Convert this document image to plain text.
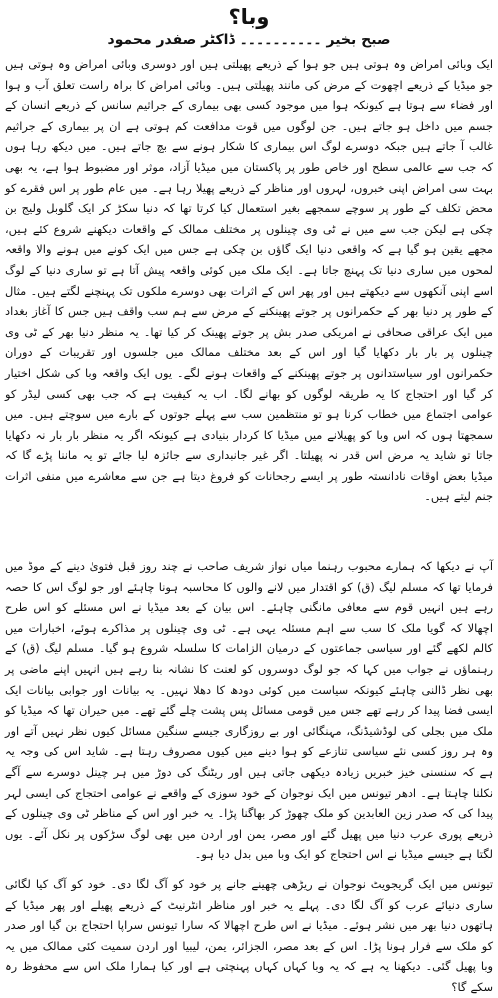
وبا؟
صبح بخیر ۔۔۔۔۔۔۔۔۔۔ ڈاکٹر صفدر محمود

ایک وبائی امراض وہ ہوتی ہیں جو ہوا کے ذریعے پھیلتی ہیں اور دوسری وبائی امراض وہ ہوتی ہیں جو میڈیا کے ذریعے اچھوت کے مرض کی مانند پھیلتی ہیں۔ وبائی امراض کا براہ راست تعلق آب و ہوا اور فضاء سے ہوتا ہے کیونکہ ہوا میں موجود کسی بھی بیماری کے جراثیم سانس کے ذریعے انسان کے جسم میں داخل ہو جاتے ہیں۔ جن لوگوں میں قوت مدافعت کم ہوتی ہے ان پر بیماری کے جراثیم غالب آ جاتے ہیں جبکہ دوسرے لوگ اس بیماری کا شکار ہونے سے بچ جاتے ہیں۔ میں دیکھ رہا ہوں کہ جب سے عالمی سطح اور خاص طور پر پاکستان میں میڈیا آزاد، موثر اور مضبوط ہوا ہے، یہ بھی بہت سی امراض اپنی خبروں، لہروں اور مناظر کے ذریعے پھیلا رہا ہے۔ میں عام طور پر اس فقرے کو محض تکلف کے طور پر سوچے سمجھے بغیر استعمال کیا کرتا تھا کہ دنیا سکڑ کر ایک گلوبل ولیج بن چکی ہے لیکن جب سے میں نے ٹی وی چینلوں پر مختلف ممالک کے واقعات دیکھنے شروع کئے ہیں، مجھے یقین ہو گیا ہے کہ واقعی دنیا ایک گاؤں بن چکی ہے جس میں ایک کونے میں ہونے والا واقعہ لمحوں میں ساری دنیا تک پہنچ جاتا ہے۔ ایک ملک میں کوئی واقعہ پیش آتا ہے تو ساری دنیا کے لوگ اسے اپنی آنکھوں سے دیکھتے ہیں اور پھر اس کے اثرات بھی دوسرے ملکوں تک پہنچنے لگتے ہیں۔ مثال کے طور پر دنیا بھر کے حکمرانوں پر جوتے پھینکنے کے مرض سے ہم سب واقف ہیں جس کا آغاز بغداد میں ایک عراقی صحافی نے امریکی صدر بش پر جوتے پھینک کر کیا تھا۔ یہ منظر دنیا بھر کے ٹی وی چینلوں پر بار بار دکھایا گیا اور اس کے بعد مختلف ممالک میں جلسوں اور تقریبات کے دوران حکمرانوں اور سیاستدانوں پر جوتے پھینکنے کے واقعات ہونے لگے۔ یوں ایک واقعہ وبا کی شکل اختیار کر گیا اور احتجاج کا یہ طریقہ لوگوں کو بھانے لگا۔ اب یہ کیفیت ہے کہ جب بھی کسی لیڈر کو عوامی اجتماع میں خطاب کرنا ہو تو منتظمین سب سے پہلے جوتوں کے بارے میں سوچتے ہیں۔ میں سمجھتا ہوں کہ اس وبا کو پھیلانے میں میڈیا کا کردار بنیادی ہے کیونکہ اگر یہ منظر بار بار نہ دکھایا جاتا تو شاید یہ مرض اس قدر نہ پھیلتا۔ اگر غیر جانبداری سے جائزہ لیا جائے تو یہ ماننا پڑے گا کہ میڈیا بعض اوقات نادانستہ طور پر ایسے رجحانات کو فروغ دیتا ہے جن سے معاشرے میں منفی اثرات جنم لیتے ہیں۔

آپ نے دیکھا کہ ہمارے محبوب رہنما میاں نواز شریف صاحب نے چند روز قبل فتویٰ دینے کے موڈ میں فرمایا تھا کہ مسلم لیگ (ق) کو اقتدار میں لانے والوں کا محاسبہ ہونا چاہئے اور جو لوگ اس کا حصہ رہے ہیں انہیں قوم سے معافی مانگنی چاہئے۔ اس بیان کے بعد میڈیا نے اس مسئلے کو اس طرح اچھالا کہ گویا ملک کا سب سے اہم مسئلہ یہی ہے۔ ٹی وی چینلوں پر مذاکرے ہوئے، اخبارات میں کالم لکھے گئے اور سیاسی جماعتوں کے درمیان الزامات کا سلسلہ شروع ہو گیا۔ مسلم لیگ (ق) کے رہنماؤں نے جواب میں کہا کہ جو لوگ دوسروں کو لعنت کا نشانہ بنا رہے ہیں انہیں اپنے ماضی پر بھی نظر ڈالنی چاہئے کیونکہ سیاست میں کوئی دودھ کا دھلا نہیں۔ یہ بیانات اور جوابی بیانات ایک ایسی فضا پیدا کر رہے تھے جس میں قومی مسائل پس پشت چلے گئے تھے۔ میں حیران تھا کہ میڈیا کو ملک میں بجلی کی لوڈشیڈنگ، مہنگائی اور بے روزگاری جیسے سنگین مسائل کیوں نظر نہیں آتے اور وہ ہر روز کسی نئے سیاسی تنازعے کو ہوا دینے میں کیوں مصروف رہتا ہے۔ شاید اس کی وجہ یہ ہے کہ سنسنی خیز خبریں زیادہ دیکھی جاتی ہیں اور ریٹنگ کی دوڑ میں ہر چینل دوسرے سے آگے نکلنا چاہتا ہے۔ ادھر تیونس میں ایک نوجوان کے خود سوزی کے واقعے نے عوامی احتجاج کی ایسی لہر پیدا کی کہ صدر زین العابدین کو ملک چھوڑ کر بھاگنا پڑا۔ یہ خبر اور اس کے مناظر ٹی وی چینلوں کے ذریعے پوری عرب دنیا میں پھیل گئے اور مصر، یمن اور اردن میں بھی لوگ سڑکوں پر نکل آئے۔ یوں لگتا ہے جیسے میڈیا نے اس احتجاج کو ایک وبا میں بدل دیا ہو۔

تیونس میں ایک گریجویٹ نوجوان نے ریڑھی چھینے جانے پر خود کو آگ لگا دی۔ خود کو آگ کیا لگائی ساری دنیائے عرب کو آگ لگا دی۔ پہلے یہ خبر اور مناظر انٹرنیٹ کے ذریعے پھیلے اور پھر میڈیا کے ہاتھوں دنیا بھر میں نشر ہوئے۔ میڈیا نے اس طرح اچھالا کہ سارا تیونس سراپا احتجاج بن گیا اور صدر کو ملک سے فرار ہونا پڑا۔ اس کے بعد مصر، الجزائر، یمن، لیبیا اور اردن سمیت کئی ممالک میں یہ وبا پھیل گئی۔ دیکھنا یہ ہے کہ یہ وبا کہاں کہاں پہنچتی ہے اور کیا ہمارا ملک اس سے محفوظ رہ سکے گا؟
